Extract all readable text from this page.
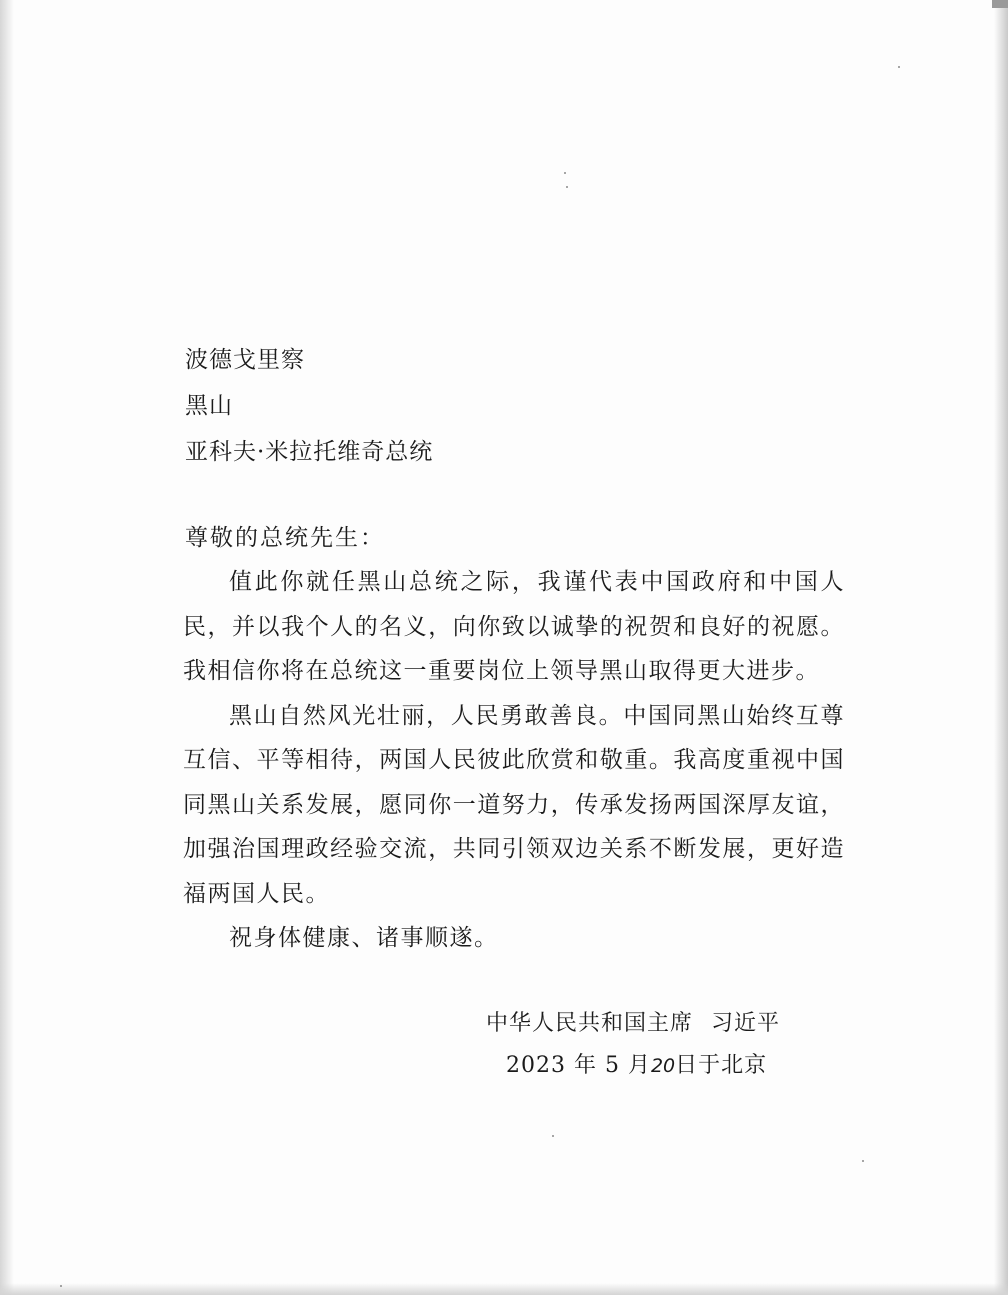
波德戈里察
黑山
亚科夫·米拉托维奇总统
尊敬的总统先生：

值此你就任黑山总统之际，我谨代表中国政府和中国人民，并以我个人的名义，向你致以诚挚的祝贺和良好的祝愿。我相信你将在总统这一重要岗位上领导黑山取得更大进步。

黑山自然风光壮丽，人民勇敢善良。中国同黑山始终互尊互信、平等相待，两国人民彼此欣赏和敬重。我高度重视中国同黑山关系发展，愿同你一道努力，传承发扬两国深厚友谊，加强治国理政经验交流，共同引领双边关系不断发展，更好造福两国人民。

祝身体健康、诸事顺遂。

中华人民共和国主席 习近平
2023 年 5 月20日于北京
